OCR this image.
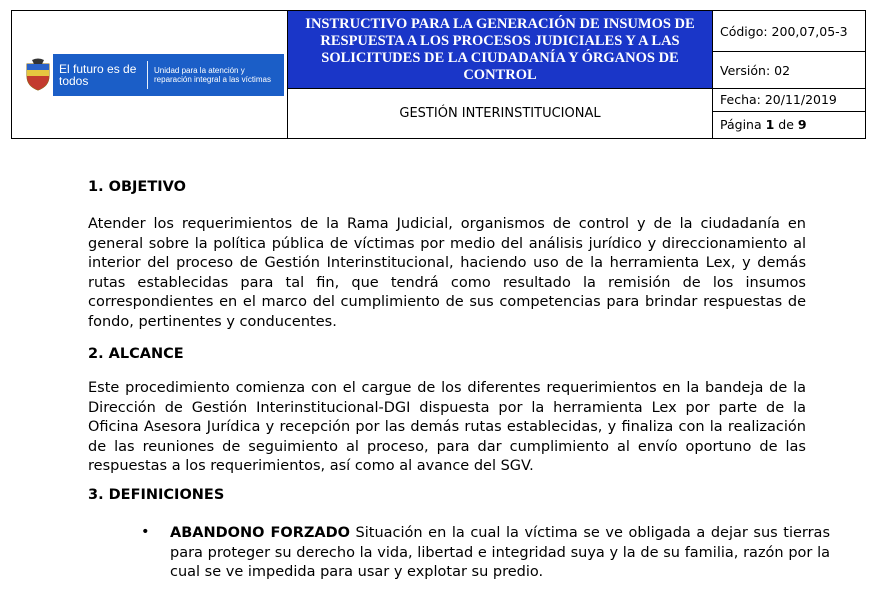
El futuro es de todos
Unidad para la atención y reparación integral a las víctimas	INSTRUCTIVO PARA LA GENERACIÓN DE INSUMOS DE RESPUESTA A LOS PROCESOS JUDICIALES Y A LAS SOLICITUDES DE LA CIUDADANÍA Y ÓRGANOS DE CONTROL	Código: 200,07,05-3
		Versión: 02
	GESTIÓN INTERINSTITUCIONAL	Fecha: 20/11/2019
Página 1 de 9
1. OBJETIVO
Atender los requerimientos de la Rama Judicial, organismos de control y de la ciudadanía en general sobre la política pública de víctimas por medio del análisis jurídico y direccionamiento al interior del proceso de Gestión Interinstitucional, haciendo uso de la herramienta Lex, y demás rutas establecidas para tal fin, que tendrá como resultado la remisión de los insumos correspondientes en el marco del cumplimiento de sus competencias para brindar respuestas de fondo, pertinentes y conducentes.
2. ALCANCE
Este procedimiento comienza con el cargue de los diferentes requerimientos en la bandeja de la Dirección de Gestión Interinstitucional-DGI dispuesta por la herramienta Lex por parte de la Oficina Asesora Jurídica y recepción por las demás rutas establecidas, y finaliza con la realización de las reuniones de seguimiento al proceso, para dar cumplimiento al envío oportuno de las respuestas a los requerimientos, así como al avance del SGV.
3. DEFINICIONES
• ABANDONO FORZADO Situación en la cual la víctima se ve obligada a dejar sus tierras para proteger su derecho la vida, libertad e integridad suya y la de su familia, razón por la cual se ve impedida para usar y explotar su predio.
